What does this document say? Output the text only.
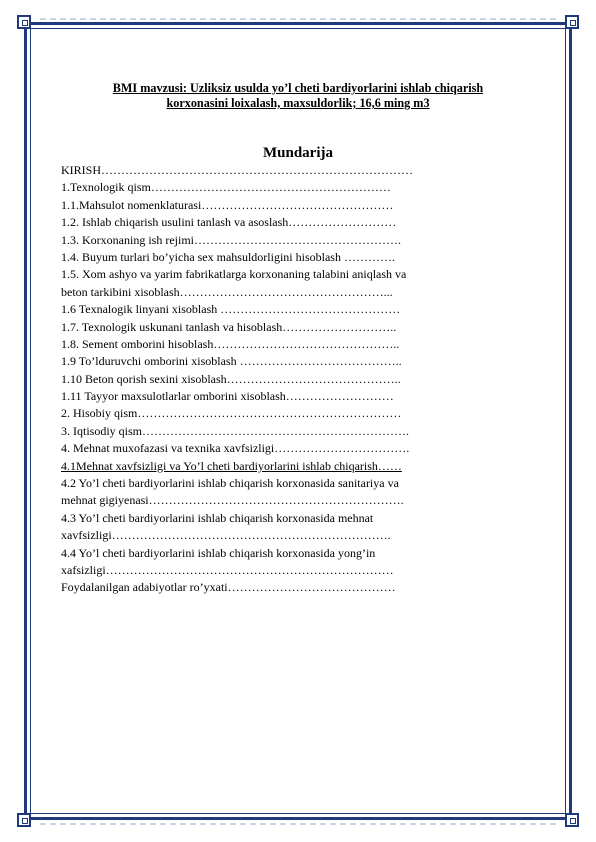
BMI mavzusi: Uzliksiz usulda yo’l cheti bardiyorlarini ishlab chiqarish
korxonasini loixalash, maxsuldorlik; 16,6 ming m3
Mundarija
KIRISH……………………………………………………………………
1.Texnologik qism……………………………………………………
1.1.Mahsulot nomenklaturasi…………………………………………
1.2. Ishlab chiqarish usulini tanlash va asoslash………………………
1.3. Korxonaning ish rejimi…………………………………………….
1.4. Buyum turlari bo’yicha sex mahsuldorligini hisoblash ………….
1.5. Xom ashyo va yarim fabrikatlarga korxonaning talabini aniqlash va
beton tarkibini xisoblash……………………………………………...
1.6 Texnalogik linyani xisoblash ………………………………………
1.7. Texnologik uskunani tanlash va hisoblash………………………..
1.8. Sement omborini hisoblash………………………………………..
1.9 To’lduruvchi omborini xisoblash …………………………………..
1.10 Beton qorish sexini xisoblash……………………………………..
1.11 Tayyor maxsulotlarlar omborini xisoblash………………………
2. Hisobiy qism…………………………………………………………
3. Iqtisodiy qism………………………………………………………….
4. Mehnat muxofazasi va texnika xavfsizligi…………………………….
4.1Mehnat xavfsizligi va Yo’l cheti bardiyorlarini ishlab chiqarish……
4.2 Yo’l cheti bardiyorlarini ishlab chiqarish korxonasida sanitariya va
mehnat gigiyenasi……………………………………………………….
4.3 Yo’l cheti bardiyorlarini ishlab chiqarish korxonasida mehnat
xavfsizligi…………………………………………………………….
4.4 Yo’l cheti bardiyorlarini ishlab chiqarish korxonasida yong’in
xafsizligi………………………………………………………………
Foydalanilgan adabiyotlar ro’yxati……………………………………
